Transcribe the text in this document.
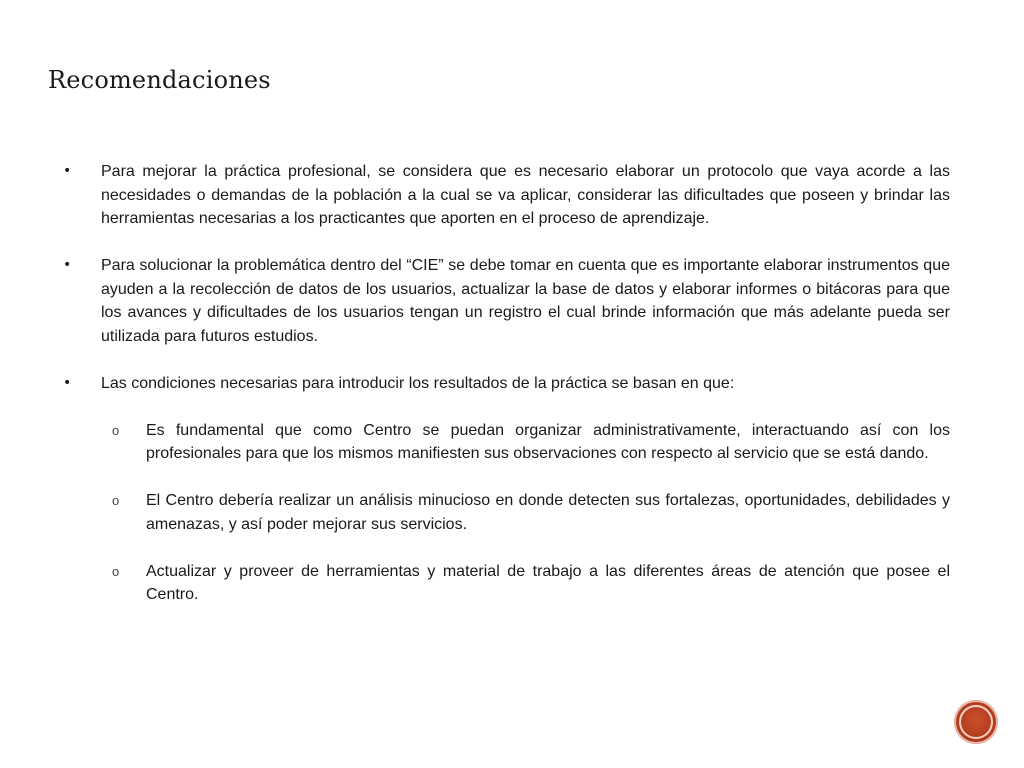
Recomendaciones
• Para mejorar la práctica profesional, se considera que es necesario elaborar un protocolo que vaya acorde a las necesidades o demandas de la población a la cual se va aplicar, considerar las dificultades que poseen y brindar las herramientas necesarias a los practicantes que aporten en el proceso de aprendizaje.
• Para solucionar la problemática dentro del “CIE” se debe tomar en cuenta que es importante elaborar instrumentos que ayuden a la recolección de datos de los usuarios, actualizar la base de datos y elaborar informes o bitácoras para que los avances y dificultades de los usuarios tengan un registro el cual brinde información que más adelante pueda ser utilizada para futuros estudios.
• Las condiciones necesarias para introducir los resultados de la práctica se basan en que:
o Es fundamental que como Centro se puedan organizar administrativamente, interactuando así con los profesionales para que los mismos manifiesten sus observaciones con respecto al servicio que se está dando.
o El Centro debería realizar un análisis minucioso en donde detecten sus fortalezas, oportunidades, debilidades y amenazas, y así poder mejorar sus servicios.
o Actualizar y proveer de herramientas y material de trabajo a las diferentes áreas de atención que posee el Centro.
